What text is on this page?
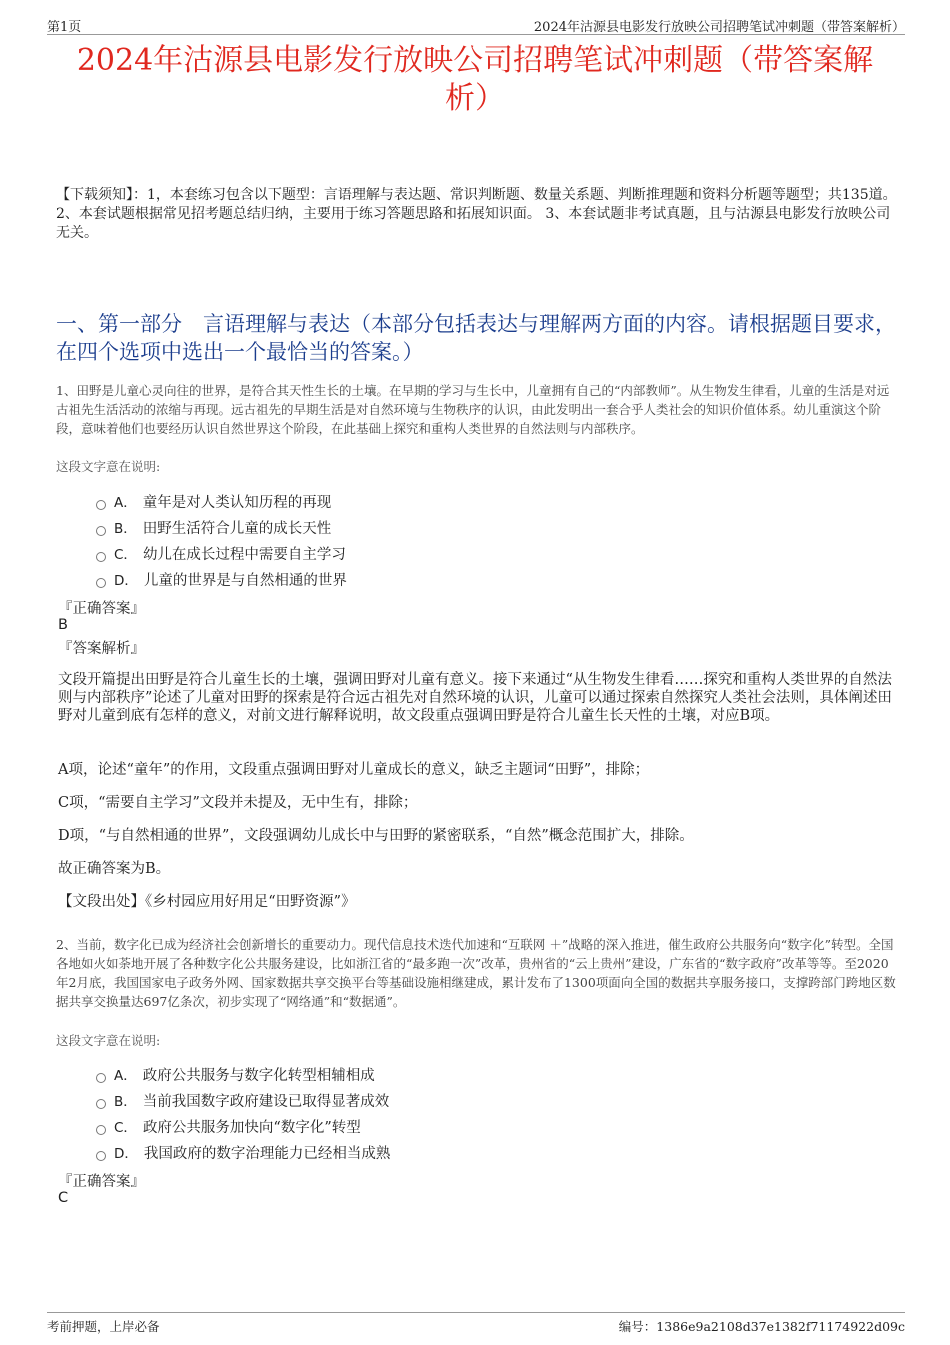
第1页	2024年沽源县电影发行放映公司招聘笔试冲刺题（带答案解析）
2024年沽源县电影发行放映公司招聘笔试冲刺题（带答案解析）
【下载须知】：1，本套练习包含以下题型：言语理解与表达题、常识判断题、数量关系题、判断推理题和资料分析题等题型；共135道。 2、本套试题根据常见招考题总结归纳，主要用于练习答题思路和拓展知识面。 3、本套试题非考试真题，且与沽源县电影发行放映公司无关。
一、第一部分　言语理解与表达（本部分包括表达与理解两方面的内容。请根据题目要求，在四个选项中选出一个最恰当的答案。）
1、田野是儿童心灵向往的世界，是符合其天性生长的土壤。在早期的学习与生长中，儿童拥有自己的“内部教师”。从生物发生律看，儿童的生活是对远古祖先生活活动的浓缩与再现。远古祖先的早期生活是对自然环境与生物秩序的认识，由此发明出一套合乎人类社会的知识价值体系。幼儿重演这个阶段，意味着他们也要经历认识自然世界这个阶段，在此基础上探究和重构人类世界的自然法则与内部秩序。
这段文字意在说明:
A． 童年是对人类认知历程的再现
B． 田野生活符合儿童的成长天性
C． 幼儿在成长过程中需要自主学习
D． 儿童的世界是与自然相通的世界
『正确答案』
B
『答案解析』
文段开篇提出田野是符合儿童生长的土壤，强调田野对儿童有意义。接下来通过“从生物发生律看……探究和重构人类世界的自然法则与内部秩序”论述了儿童对田野的探索是符合远古祖先对自然环境的认识，儿童可以通过探索自然探究人类社会法则，具体阐述田野对儿童到底有怎样的意义，对前文进行解释说明，故文段重点强调田野是符合儿童生长天性的土壤，对应B项。
A项，论述“童年”的作用，文段重点强调田野对儿童成长的意义，缺乏主题词“田野”，排除；
C项，“需要自主学习”文段并未提及，无中生有，排除；
D项，“与自然相通的世界”，文段强调幼儿成长中与田野的紧密联系，“自然”概念范围扩大，排除。
故正确答案为B。
【文段出处】《乡村园应用好用足“田野资源”》
2、当前，数字化已成为经济社会创新增长的重要动力。现代信息技术迭代加速和“互联网 ＋”战略的深入推进，催生政府公共服务向“数字化”转型。全国各地如火如荼地开展了各种数字化公共服务建设，比如浙江省的“最多跑一次”改革，贵州省的“云上贵州”建设，广东省的“数字政府”改革等等。至2020年2月底，我国国家电子政务外网、国家数据共享交换平台等基础设施相继建成，累计发布了1300项面向全国的数据共享服务接口，支撑跨部门跨地区数据共享交换量达697亿条次，初步实现了“网络通”和“数据通”。
这段文字意在说明:
A． 政府公共服务与数字化转型相辅相成
B． 当前我国数字政府建设已取得显著成效
C． 政府公共服务加快向“数字化”转型
D． 我国政府的数字治理能力已经相当成熟
『正确答案』
C
考前押题，上岸必备	编号：1386e9a2108d37e1382f71174922d09c
